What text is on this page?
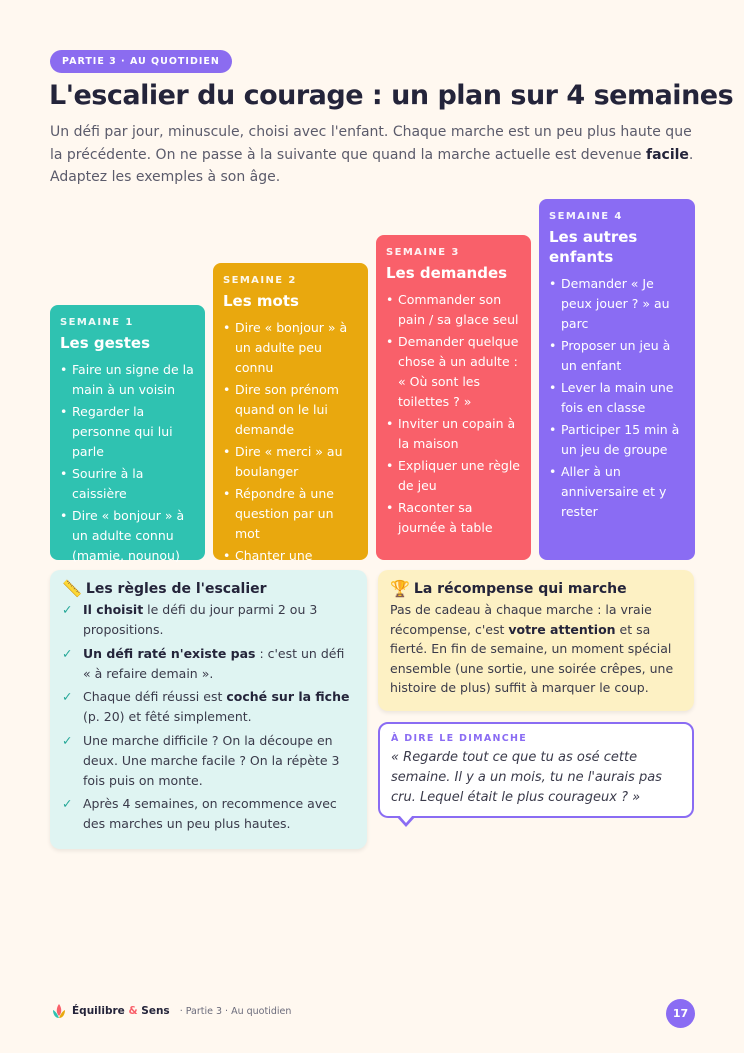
PARTIE 3 · AU QUOTIDIEN
L'escalier du courage : un plan sur 4 semaines

Un défi par jour, minuscule, choisi avec l'enfant. Chaque marche est un peu plus haute que la précédente. On ne passe à la suivante que quand la marche actuelle est devenue facile. Adaptez les exemples à son âge.

SEMAINE 1
Les gestes
• Faire un signe de la main à un voisin
• Regarder la personne qui lui parle
• Sourire à la caissière
• Dire « bonjour » à un adulte connu (mamie, nounou)
SEMAINE 2
Les mots
• Dire « bonjour » à un adulte peu connu
• Dire son prénom quand on le lui demande
• Dire « merci » au boulanger
• Répondre à une question par un mot
• Chanter une
SEMAINE 3
Les demandes
• Commander son pain / sa glace seul
• Demander quelque chose à un adulte : « Où sont les toilettes ? »
• Inviter un copain à la maison
• Expliquer une règle de jeu
• Raconter sa journée à table
SEMAINE 4
Les autres enfants
• Demander « Je peux jouer ? » au parc
• Proposer un jeu à un enfant
• Lever la main une fois en classe
• Participer 15 min à un jeu de groupe
• Aller à un anniversaire et y rester
📏 Les règles de l'escalier
✓ Il choisit le défi du jour parmi 2 ou 3 propositions.
✓ Un défi raté n'existe pas : c'est un défi « à refaire demain ».
✓ Chaque défi réussi est coché sur la fiche (p. 20) et fêté simplement.
✓ Une marche difficile ? On la découpe en deux. Une marche facile ? On la répète 3 fois puis on monte.
✓ Après 4 semaines, on recommence avec des marches un peu plus hautes.
🏆 La récompense qui marche

Pas de cadeau à chaque marche : la vraie récompense, c'est votre attention et sa fierté. En fin de semaine, un moment spécial ensemble (une sortie, une soirée crêpes, une histoire de plus) suffit à marquer le coup.

À DIRE LE DIMANCHE
« Regarde tout ce que tu as osé cette semaine. Il y a un mois, tu ne l'aurais pas cru. Lequel était le plus courageux ? »
Équilibre & Sens · Partie 3 · Au quotidien	17
